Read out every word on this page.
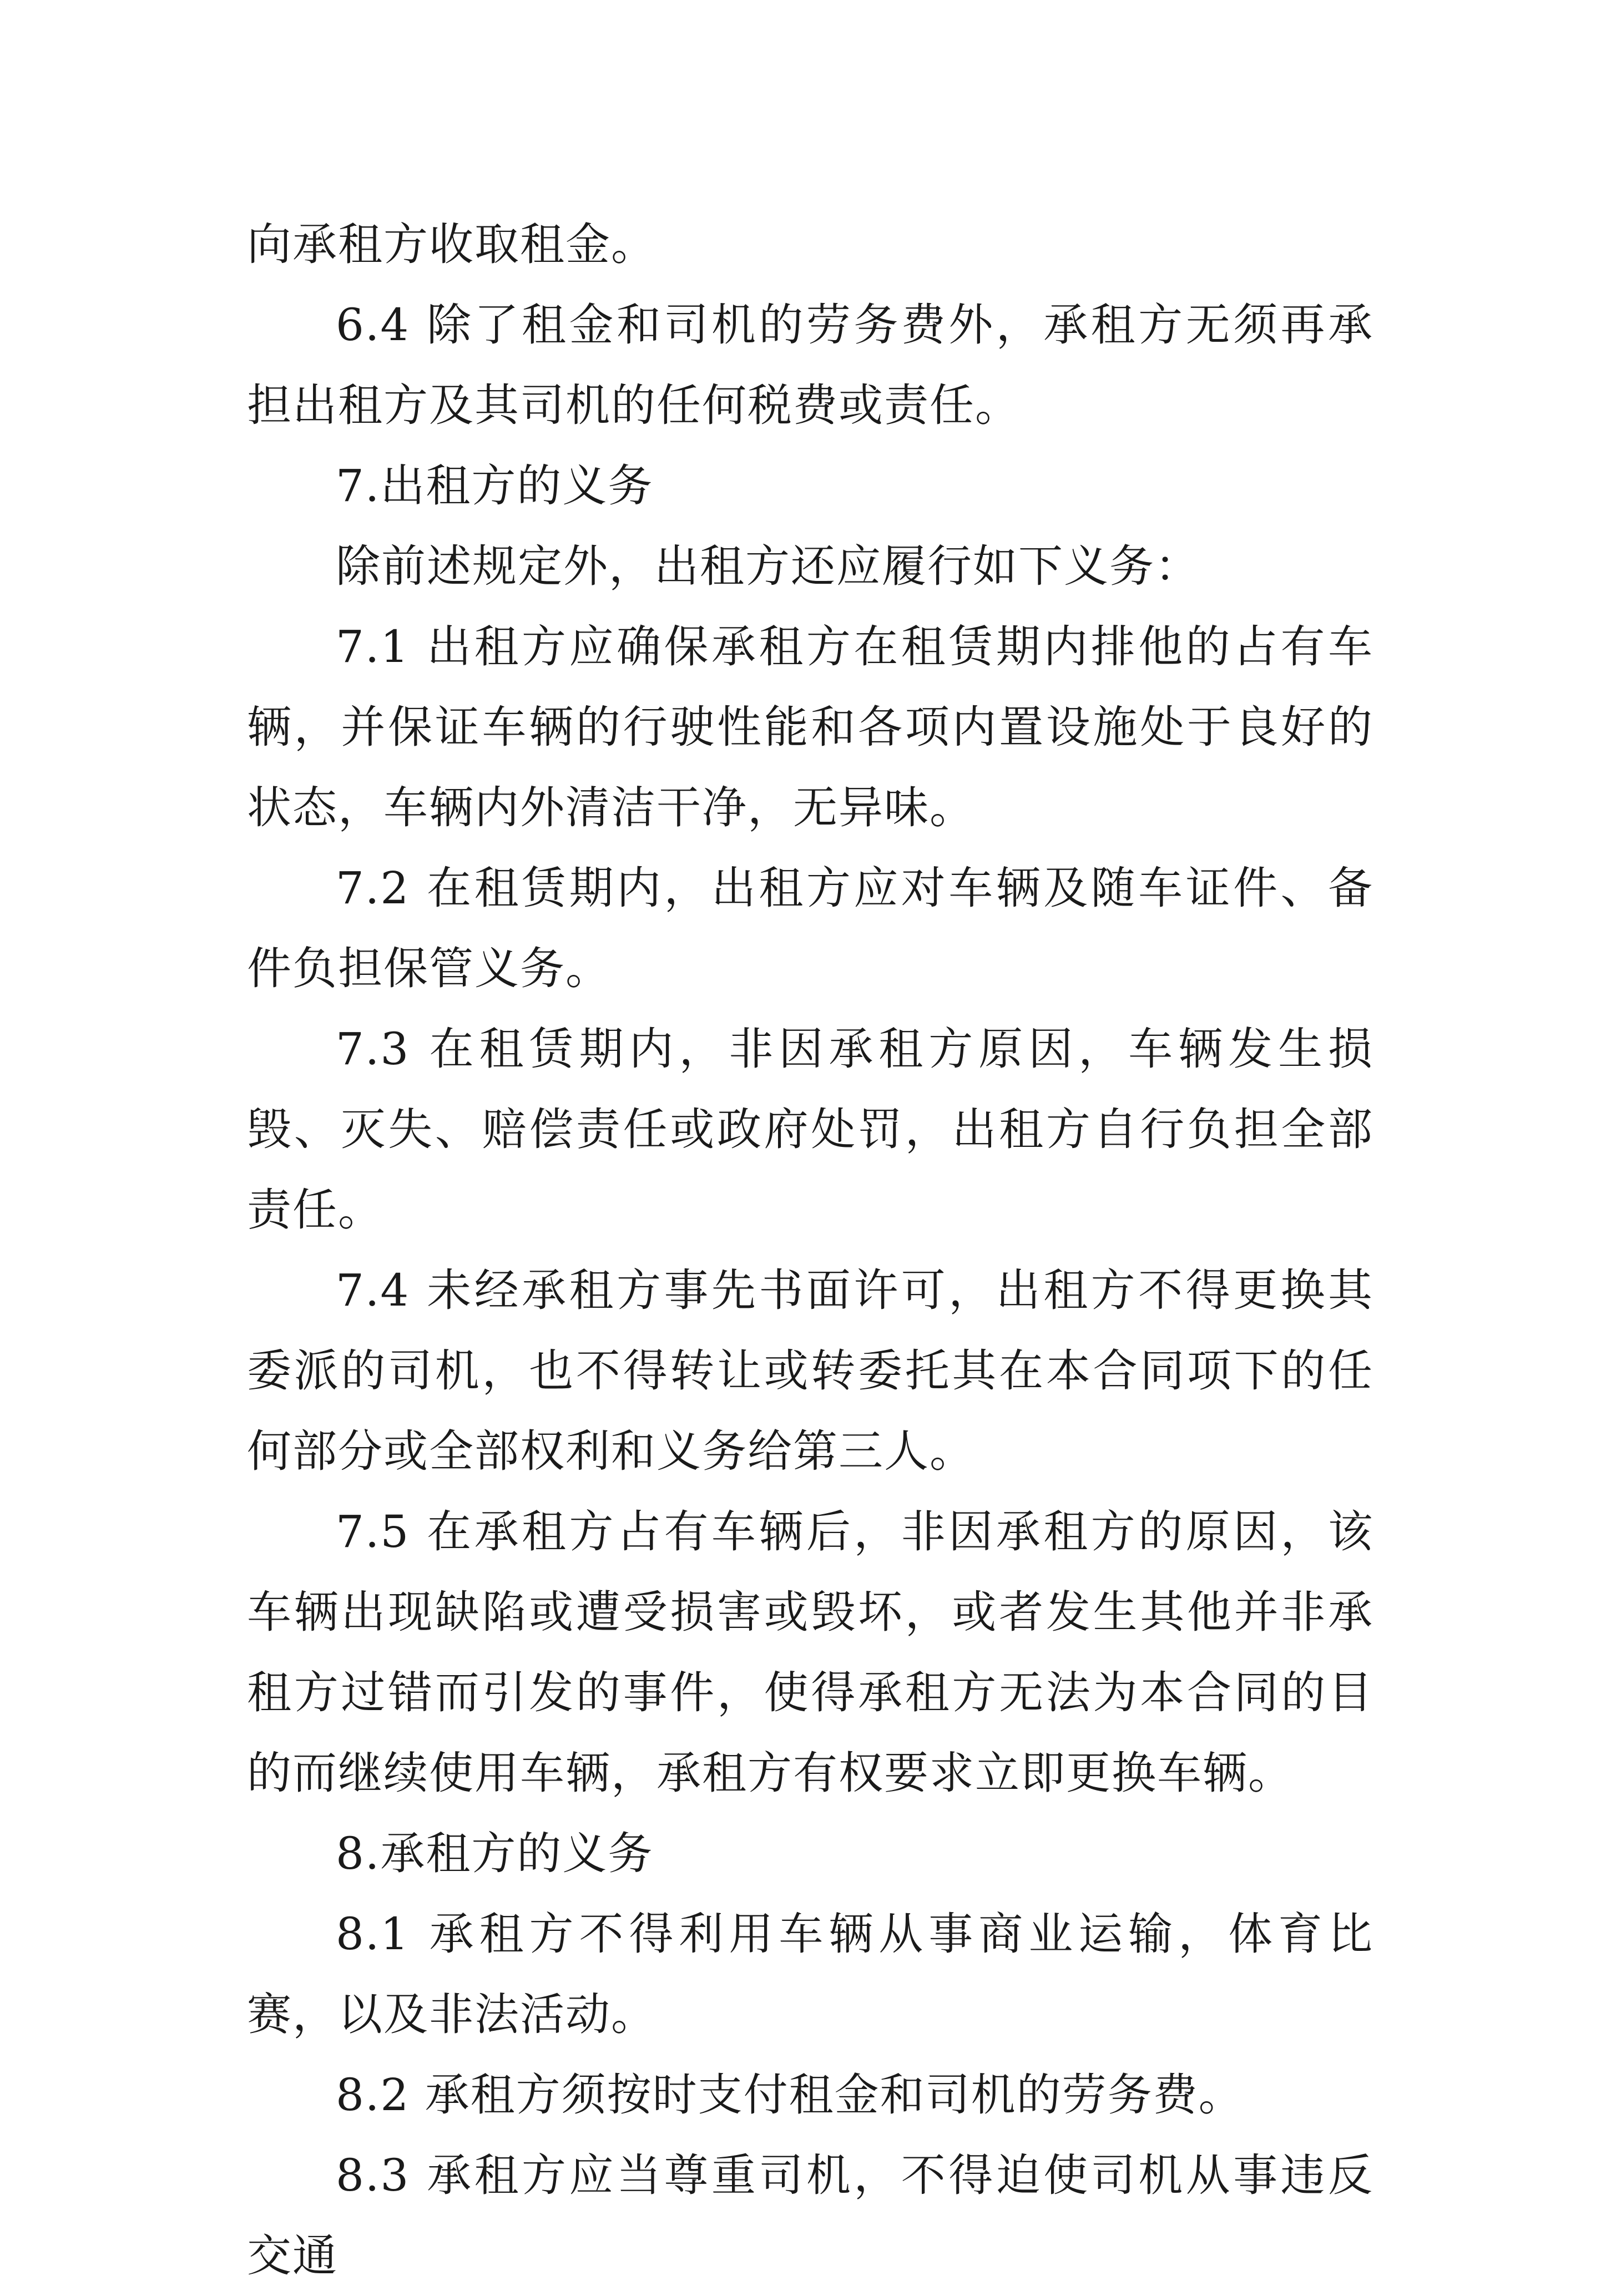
向承租方收取租金。

6.4 除了租金和司机的劳务费外，承租方无须再承担出租方及其司机的任何税费或责任。

7.出租方的义务

除前述规定外，出租方还应履行如下义务：

7.1 出租方应确保承租方在租赁期内排他的占有车辆，并保证车辆的行驶性能和各项内置设施处于良好的状态，车辆内外清洁干净，无异味。

7.2 在租赁期内，出租方应对车辆及随车证件、备件负担保管义务。

7.3 在租赁期内，非因承租方原因，车辆发生损毁、灭失、赔偿责任或政府处罚，出租方自行负担全部责任。

7.4 未经承租方事先书面许可，出租方不得更换其委派的司机，也不得转让或转委托其在本合同项下的任何部分或全部权利和义务给第三人。

7.5 在承租方占有车辆后，非因承租方的原因，该车辆出现缺陷或遭受损害或毁坏，或者发生其他并非承租方过错而引发的事件，使得承租方无法为本合同的目的而继续使用车辆，承租方有权要求立即更换车辆。

8.承租方的义务

8.1 承租方不得利用车辆从事商业运输，体育比赛，以及非法活动。

8.2 承租方须按时支付租金和司机的劳务费。

8.3 承租方应当尊重司机，不得迫使司机从事违反交通
